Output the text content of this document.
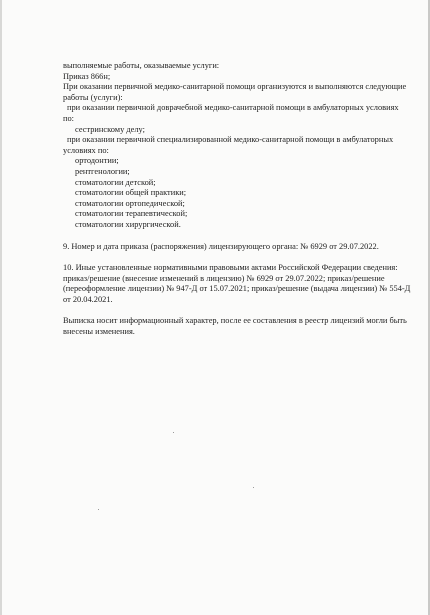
выполняемые работы, оказываемые услуги:
Приказ 866н;
При оказании первичной медико-санитарной помощи организуются и выполняются следующие
работы (услуги):
при оказании первичной доврачебной медико-санитарной помощи в амбулаторных условиях
по:
сестринскому делу;
при оказании первичной специализированной медико-санитарной помощи в амбулаторных
условиях по:
ортодонтии;
рентгенологии;
стоматологии детской;
стоматологии общей практики;
стоматологии ортопедической;
стоматологии терапевтической;
стоматологии хирургической.
9. Номер и дата приказа (распоряжения) лицензирующего органа: № 6929 от 29.07.2022.
10. Иные установленные нормативными правовыми актами Российской Федерации сведения:
приказ/решение (внесение изменений в лицензию) № 6929 от 29.07.2022; приказ/решение
(переоформление лицензии) № 947-Д от 15.07.2021; приказ/решение (выдача лицензии) № 554-Д
от 20.04.2021.
Выписка носит информационный характер, после ее составления в реестр лицензий могли быть
внесены изменения.
